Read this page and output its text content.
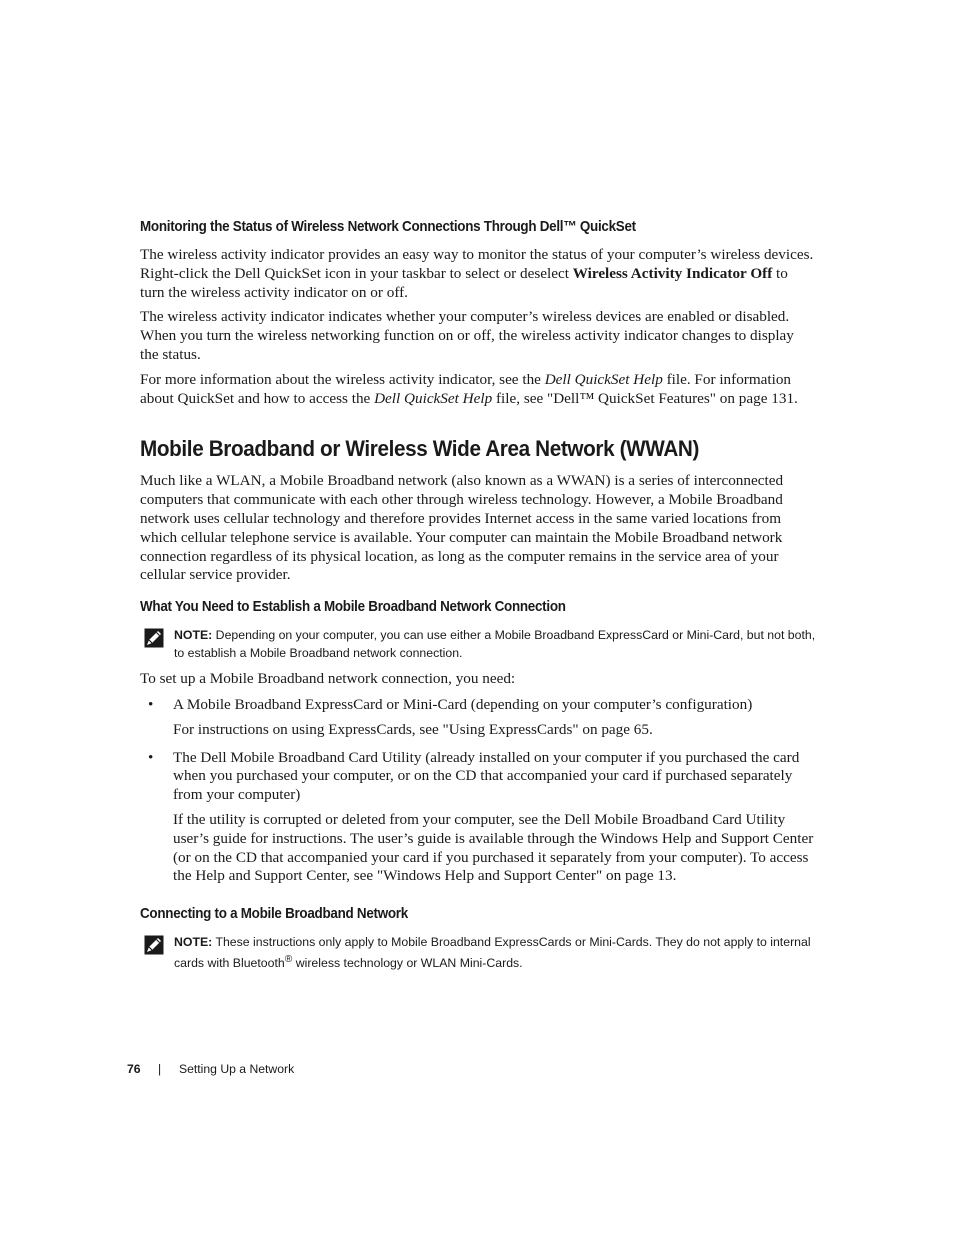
Monitoring the Status of Wireless Network Connections Through Dell™ QuickSet

The wireless activity indicator provides an easy way to monitor the status of your computer’s wireless devices. Right-click the Dell QuickSet icon in your taskbar to select or deselect Wireless Activity Indicator Off to turn the wireless activity indicator on or off.

The wireless activity indicator indicates whether your computer’s wireless devices are enabled or disabled. When you turn the wireless networking function on or off, the wireless activity indicator changes to display the status.

For more information about the wireless activity indicator, see the Dell QuickSet Help file. For information about QuickSet and how to access the Dell QuickSet Help file, see "Dell™ QuickSet Features" on page 131.

Mobile Broadband or Wireless Wide Area Network (WWAN)

Much like a WLAN, a Mobile Broadband network (also known as a WWAN) is a series of interconnected computers that communicate with each other through wireless technology. However, a Mobile Broadband network uses cellular technology and therefore provides Internet access in the same varied locations from which cellular telephone service is available. Your computer can maintain the Mobile Broadband network connection regardless of its physical location, as long as the computer remains in the service area of your cellular service provider.

What You Need to Establish a Mobile Broadband Network Connection
NOTE: Depending on your computer, you can use either a Mobile Broadband ExpressCard or Mini-Card, but not both, to establish a Mobile Broadband network connection.

To set up a Mobile Broadband network connection, you need:

• A Mobile Broadband ExpressCard or Mini-Card (depending on your computer’s configuration)

For instructions on using ExpressCards, see "Using ExpressCards" on page 65.

• The Dell Mobile Broadband Card Utility (already installed on your computer if you purchased the card when you purchased your computer, or on the CD that accompanied your card if purchased separately from your computer)

If the utility is corrupted or deleted from your computer, see the Dell Mobile Broadband Card Utility user’s guide for instructions. The user’s guide is available through the Windows Help and Support Center (or on the CD that accompanied your card if you purchased it separately from your computer). To access the Help and Support Center, see "Windows Help and Support Center" on page 13.

Connecting to a Mobile Broadband Network
NOTE: These instructions only apply to Mobile Broadband ExpressCards or Mini-Cards. They do not apply to internal cards with Bluetooth® wireless technology or WLAN Mini-Cards.
76 | Setting Up a Network
